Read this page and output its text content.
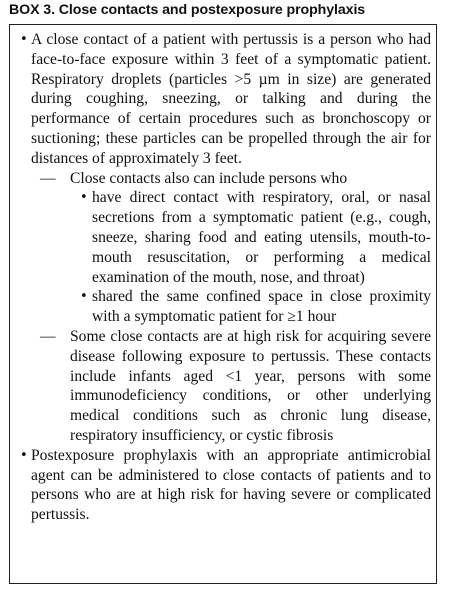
BOX 3. Close contacts and postexposure prophylaxis
• A close contact of a patient with pertussis is a person who had face-to-face exposure within 3 feet of a symptomatic patient. Respiratory droplets (particles >5 µm in size) are generated during coughing, sneezing, or talking and during the performance of certain procedures such as bronchoscopy or suctioning; these particles can be propelled through the air for distances of approximately 3 feet.
— Close contacts also can include persons who
• have direct contact with respiratory, oral, or nasal secretions from a symptomatic patient (e.g., cough, sneeze, sharing food and eating utensils, mouth-to-mouth resuscitation, or performing a medical examination of the mouth, nose, and throat)
• shared the same confined space in close proximity with a symptomatic patient for ≥1 hour
— Some close contacts are at high risk for acquiring severe disease following exposure to pertussis. These contacts include infants aged <1 year, persons with some immunodeficiency conditions, or other underlying medical conditions such as chronic lung disease, respiratory insufficiency, or cystic fibrosis
• Postexposure prophylaxis with an appropriate antimicrobial agent can be administered to close contacts of patients and to persons who are at high risk for having severe or complicated pertussis.
